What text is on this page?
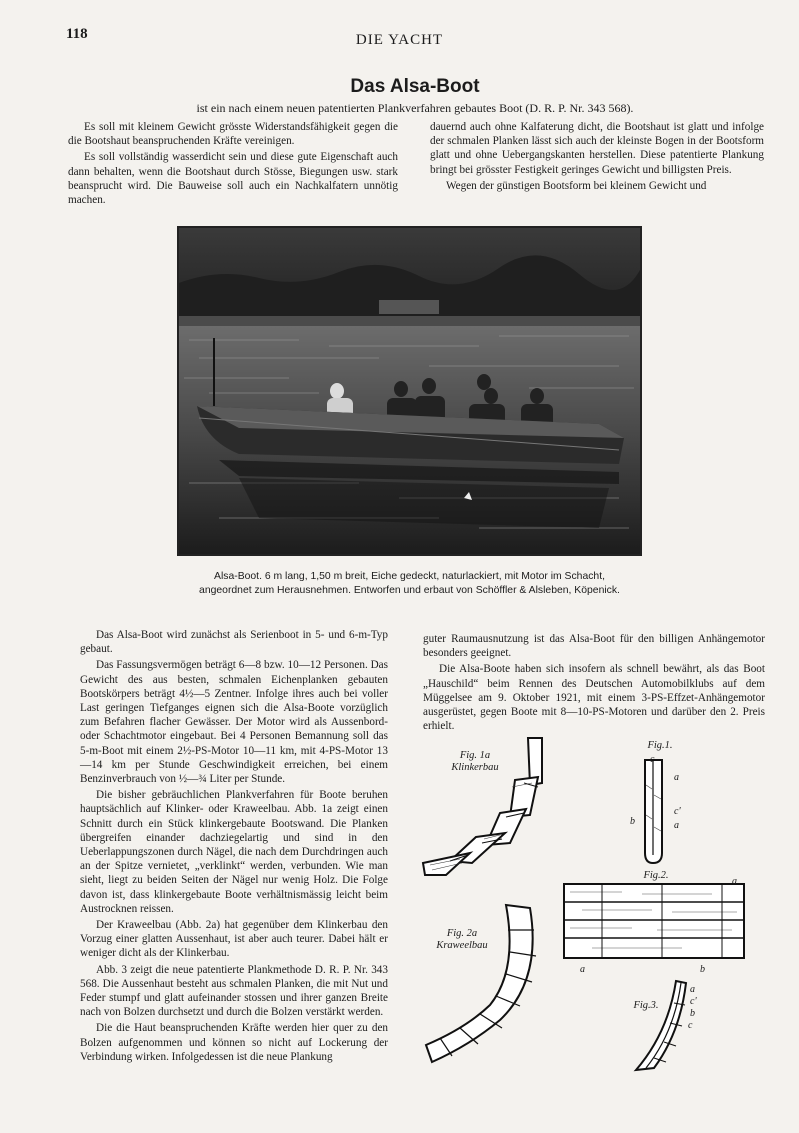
118	DIE YACHT
Das Alsa-Boot
ist ein nach einem neuen patentierten Plankverfahren gebautes Boot (D. R. P. Nr. 343 568).

Es soll mit kleinem Gewicht grösste Widerstandsfähigkeit gegen die die Bootshaut beanspruchenden Kräfte vereinigen.

Es soll vollständig wasserdicht sein und diese gute Eigenschaft auch dann behalten, wenn die Bootshaut durch Stösse, Biegungen usw. stark beansprucht wird. Die Bauweise soll auch ein Nachkalfatern unnötig machen.

dauernd auch ohne Kalfaterung dicht, die Bootshaut ist glatt und infolge der schmalen Planken lässt sich auch der kleinste Bogen in der Bootsform glatt und ohne Uebergangskanten herstellen. Diese patentierte Plankung bringt bei grösster Festigkeit geringes Gewicht und billigsten Preis.

Wegen der günstigen Bootsform bei kleinem Gewicht und

Alsa-Boot. 6 m lang, 1,50 m breit, Eiche gedeckt, naturlackiert, mit Motor im Schacht,
angeordnet zum Herausnehmen. Entworfen und erbaut von Schöffler & Alsleben, Köpenick.

Das Alsa-Boot wird zunächst als Serienboot in 5- und 6-m-Typ gebaut.

Das Fassungsvermögen beträgt 6—8 bzw. 10—12 Personen. Das Gewicht des aus besten, schmalen Eichenplanken gebauten Bootskörpers beträgt 4½—5 Zentner. Infolge ihres auch bei voller Last geringen Tiefganges eignen sich die Alsa-Boote vorzüglich zum Befahren flacher Gewässer. Der Motor wird als Aussenbord- oder Schachtmotor eingebaut. Bei 4 Personen Bemannung soll das 5-m-Boot mit einem 2½-PS-Motor 10—11 km, mit 4-PS-Motor 13—14 km per Stunde Geschwindigkeit erreichen, bei einem Benzinverbrauch von ½—¾ Liter per Stunde.

Die bisher gebräuchlichen Plankverfahren für Boote beruhen hauptsächlich auf Klinker- oder Kraweelbau. Abb. 1a zeigt einen Schnitt durch ein Stück klinkergebaute Bootswand. Die Planken übergreifen einander dachziegelartig und sind in den Ueberlappungszonen durch Nägel, die nach dem Durchdringen auch an der Spitze vernietet, „verklinkt“ werden, verbunden. Wie man sieht, liegt zu beiden Seiten der Nägel nur wenig Holz. Die Folge davon ist, dass klinkergebaute Boote verhältnismässig leicht beim Austrocknen reissen.

Der Kraweelbau (Abb. 2a) hat gegenüber dem Klinkerbau den Vorzug einer glatten Aussenhaut, ist aber auch teurer. Dabei hält er weniger dicht als der Klinkerbau.

Abb. 3 zeigt die neue patentierte Plankmethode D. R. P. Nr. 343 568. Die Aussenhaut besteht aus schmalen Planken, die mit Nut und Feder stumpf und glatt aufeinander stossen und ihrer ganzen Breite nach von Bolzen durchsetzt und durch die Bolzen verstärkt werden.

Die die Haut beanspruchenden Kräfte werden hier quer zu den Bolzen aufgenommen und können so nicht auf Lockerung der Verbindung wirken. Infolgedessen ist die neue Plankung

guter Raumausnutzung ist das Alsa-Boot für den billigen Anhängemotor besonders geeignet.

Die Alsa-Boote haben sich insofern als schnell bewährt, als das Boot „Hauschild“ beim Rennen des Deutschen Automobilklubs auf dem Müggelsee am 9. Oktober 1921, mit einem 3-PS-Effzet-Anhängemotor ausgerüstet, gegen Boote mit 8—10-PS-Motoren und darüber den 2. Preis erhielt.

Fig. 1a
Klinkerbau
Fig. 2a
Kraweelbau
Fig.1.
c
a
c'
a
b
Fig.2.
a
a	b
Fig.3.
a
c'
b
c
